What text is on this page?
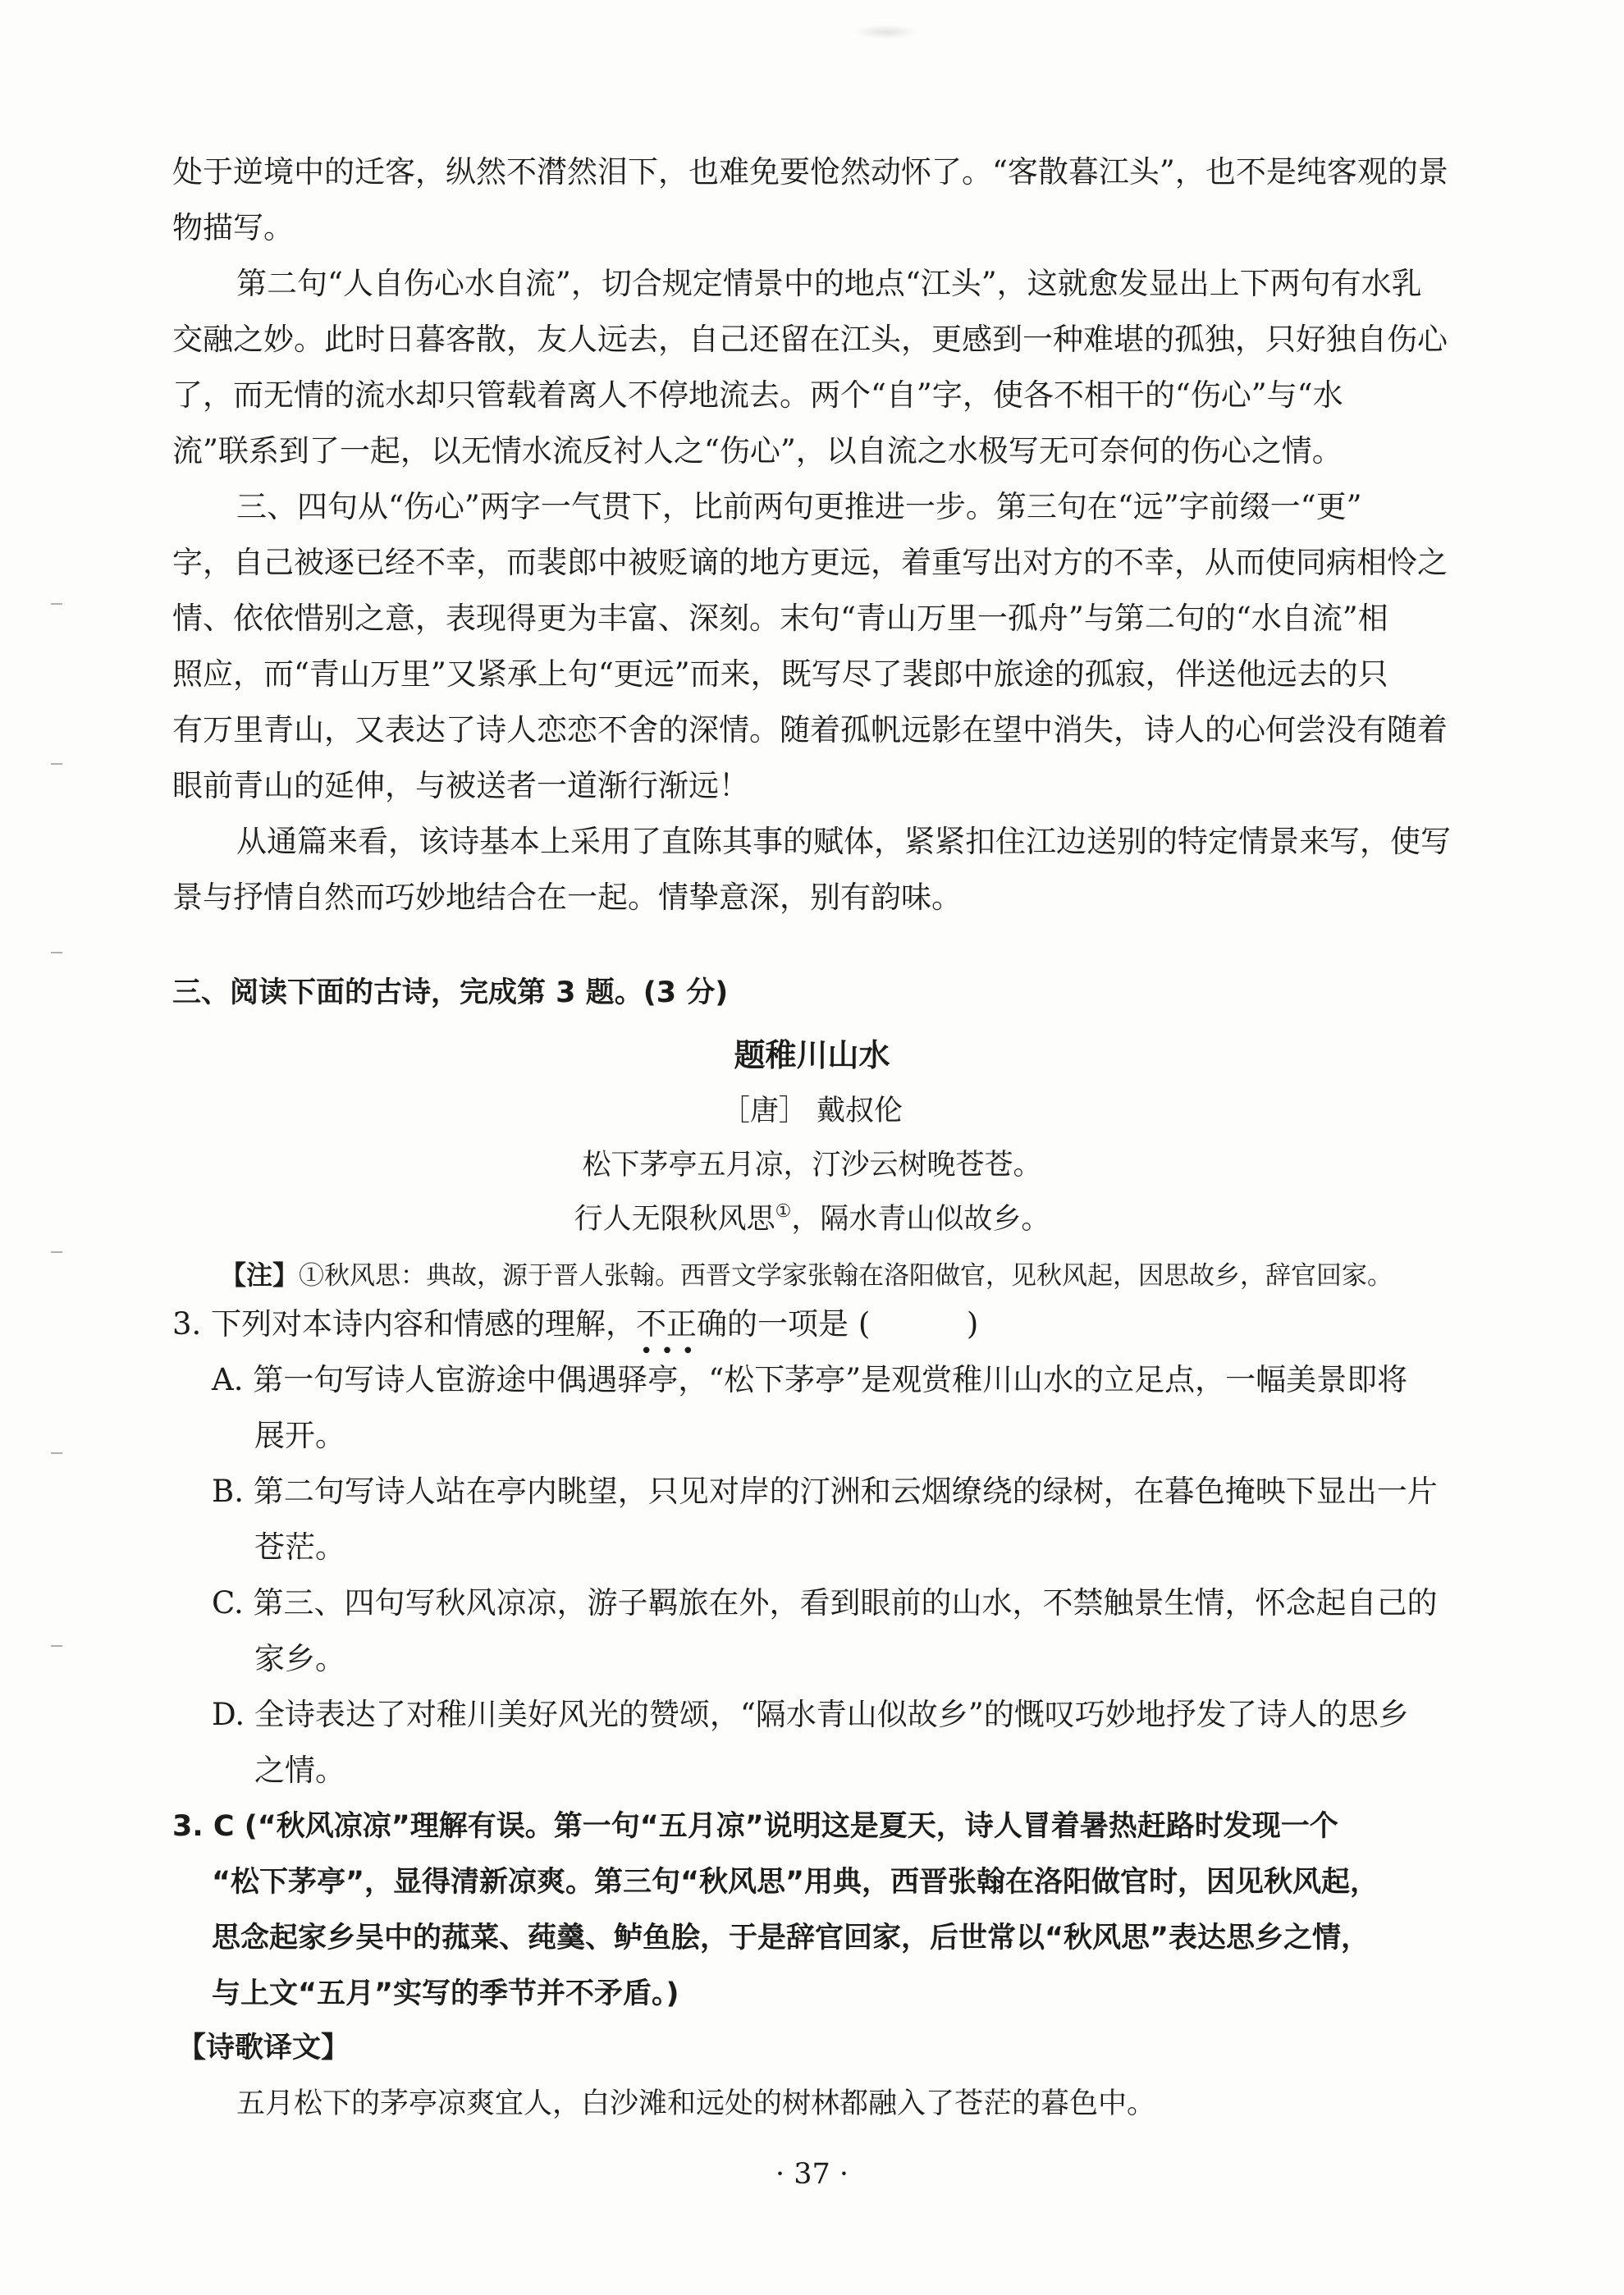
处于逆境中的迁客，纵然不潸然泪下，也难免要怆然动怀了。“客散暮江头”，也不是纯客观的景
物描写。
第二句“人自伤心水自流”，切合规定情景中的地点“江头”，这就愈发显出上下两句有水乳
交融之妙。此时日暮客散，友人远去，自己还留在江头，更感到一种难堪的孤独，只好独自伤心
了，而无情的流水却只管载着离人不停地流去。两个“自”字，使各不相干的“伤心”与“水
流”联系到了一起，以无情水流反衬人之“伤心”，以自流之水极写无可奈何的伤心之情。
三、四句从“伤心”两字一气贯下，比前两句更推进一步。第三句在“远”字前缀一“更”
字，自己被逐已经不幸，而裴郎中被贬谪的地方更远，着重写出对方的不幸，从而使同病相怜之
情、依依惜别之意，表现得更为丰富、深刻。末句“青山万里一孤舟”与第二句的“水自流”相
照应，而“青山万里”又紧承上句“更远”而来，既写尽了裴郎中旅途的孤寂，伴送他远去的只
有万里青山，又表达了诗人恋恋不舍的深情。随着孤帆远影在望中消失，诗人的心何尝没有随着
眼前青山的延伸，与被送者一道渐行渐远！
从通篇来看，该诗基本上采用了直陈其事的赋体，紧紧扣住江边送别的特定情景来写，使写
景与抒情自然而巧妙地结合在一起。情挚意深，别有韵味。
三、阅读下面的古诗，完成第 3 题。(3 分)
题稚川山水
［唐］ 戴叔伦
松下茅亭五月凉，汀沙云树晚苍苍。
行人无限秋风思①，隔水青山似故乡。
【注】①秋风思：典故，源于晋人张翰。西晋文学家张翰在洛阳做官，见秋风起，因思故乡，辞官回家。
3. 下列对本诗内容和情感的理解，不正确的一项是 (          )
•••
A. 第一句写诗人宦游途中偶遇驿亭，“松下茅亭”是观赏稚川山水的立足点，一幅美景即将
展开。
B. 第二句写诗人站在亭内眺望，只见对岸的汀洲和云烟缭绕的绿树，在暮色掩映下显出一片
苍茫。
C. 第三、四句写秋风凉凉，游子羁旅在外，看到眼前的山水，不禁触景生情，怀念起自己的
家乡。
D. 全诗表达了对稚川美好风光的赞颂，“隔水青山似故乡”的慨叹巧妙地抒发了诗人的思乡
之情。
3. C (“秋风凉凉”理解有误。第一句“五月凉”说明这是夏天，诗人冒着暑热赶路时发现一个
“松下茅亭”，显得清新凉爽。第三句“秋风思”用典，西晋张翰在洛阳做官时，因见秋风起，
思念起家乡吴中的菰菜、莼羹、鲈鱼脍，于是辞官回家，后世常以“秋风思”表达思乡之情，
与上文“五月”实写的季节并不矛盾。)
【诗歌译文】
五月松下的茅亭凉爽宜人，白沙滩和远处的树林都融入了苍茫的暮色中。
· 37 ·
